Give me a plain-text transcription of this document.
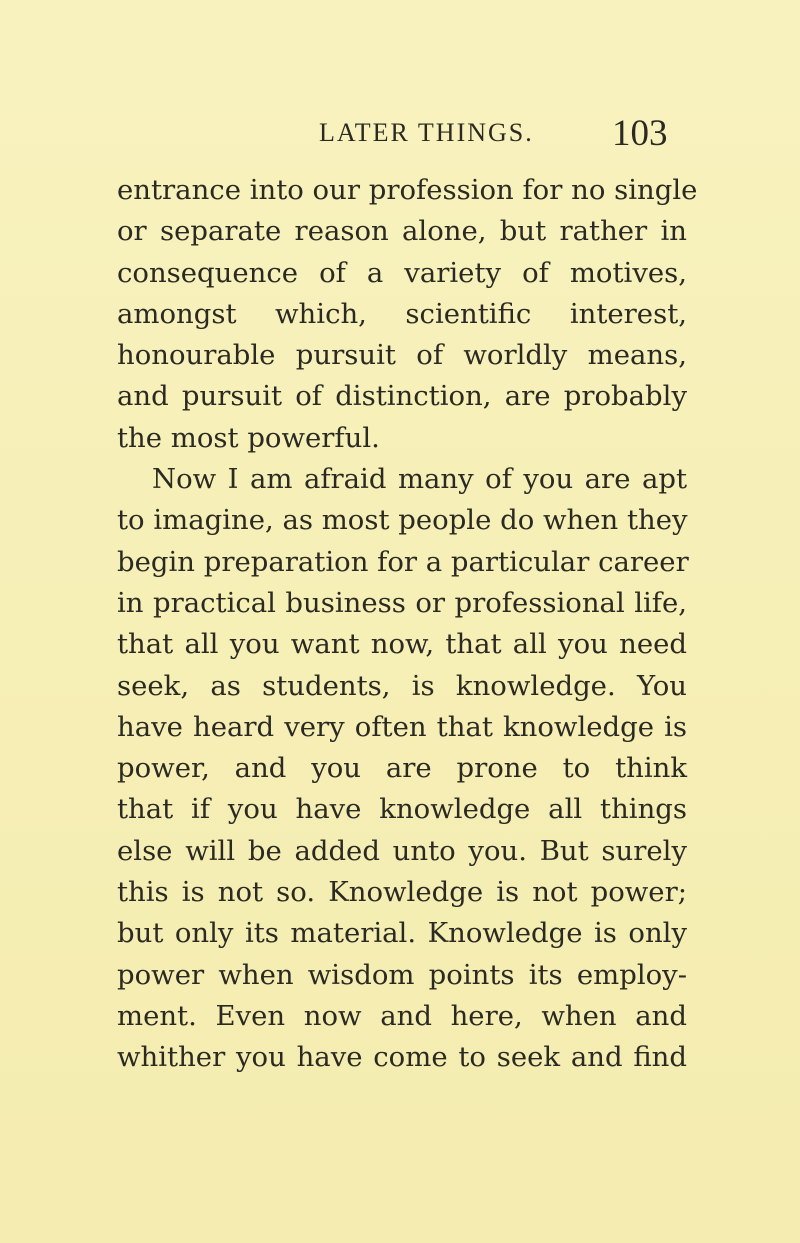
LATER THINGS. 103
entrance into our profession for no single
or separate reason alone, but rather in
consequence of a variety of motives,
amongst which, scientific interest,
honourable pursuit of worldly means,
and pursuit of distinction, are probably
the most powerful.
Now I am afraid many of you are apt
to imagine, as most people do when they
begin preparation for a particular career
in practical business or professional life,
that all you want now, that all you need
seek, as students, is knowledge. You
have heard very often that knowledge is
power, and you are prone to think
that if you have knowledge all things
else will be added unto you. But surely
this is not so. Knowledge is not power;
but only its material. Knowledge is only
power when wisdom points its employ-
ment. Even now and here, when and
whither you have come to seek and find
